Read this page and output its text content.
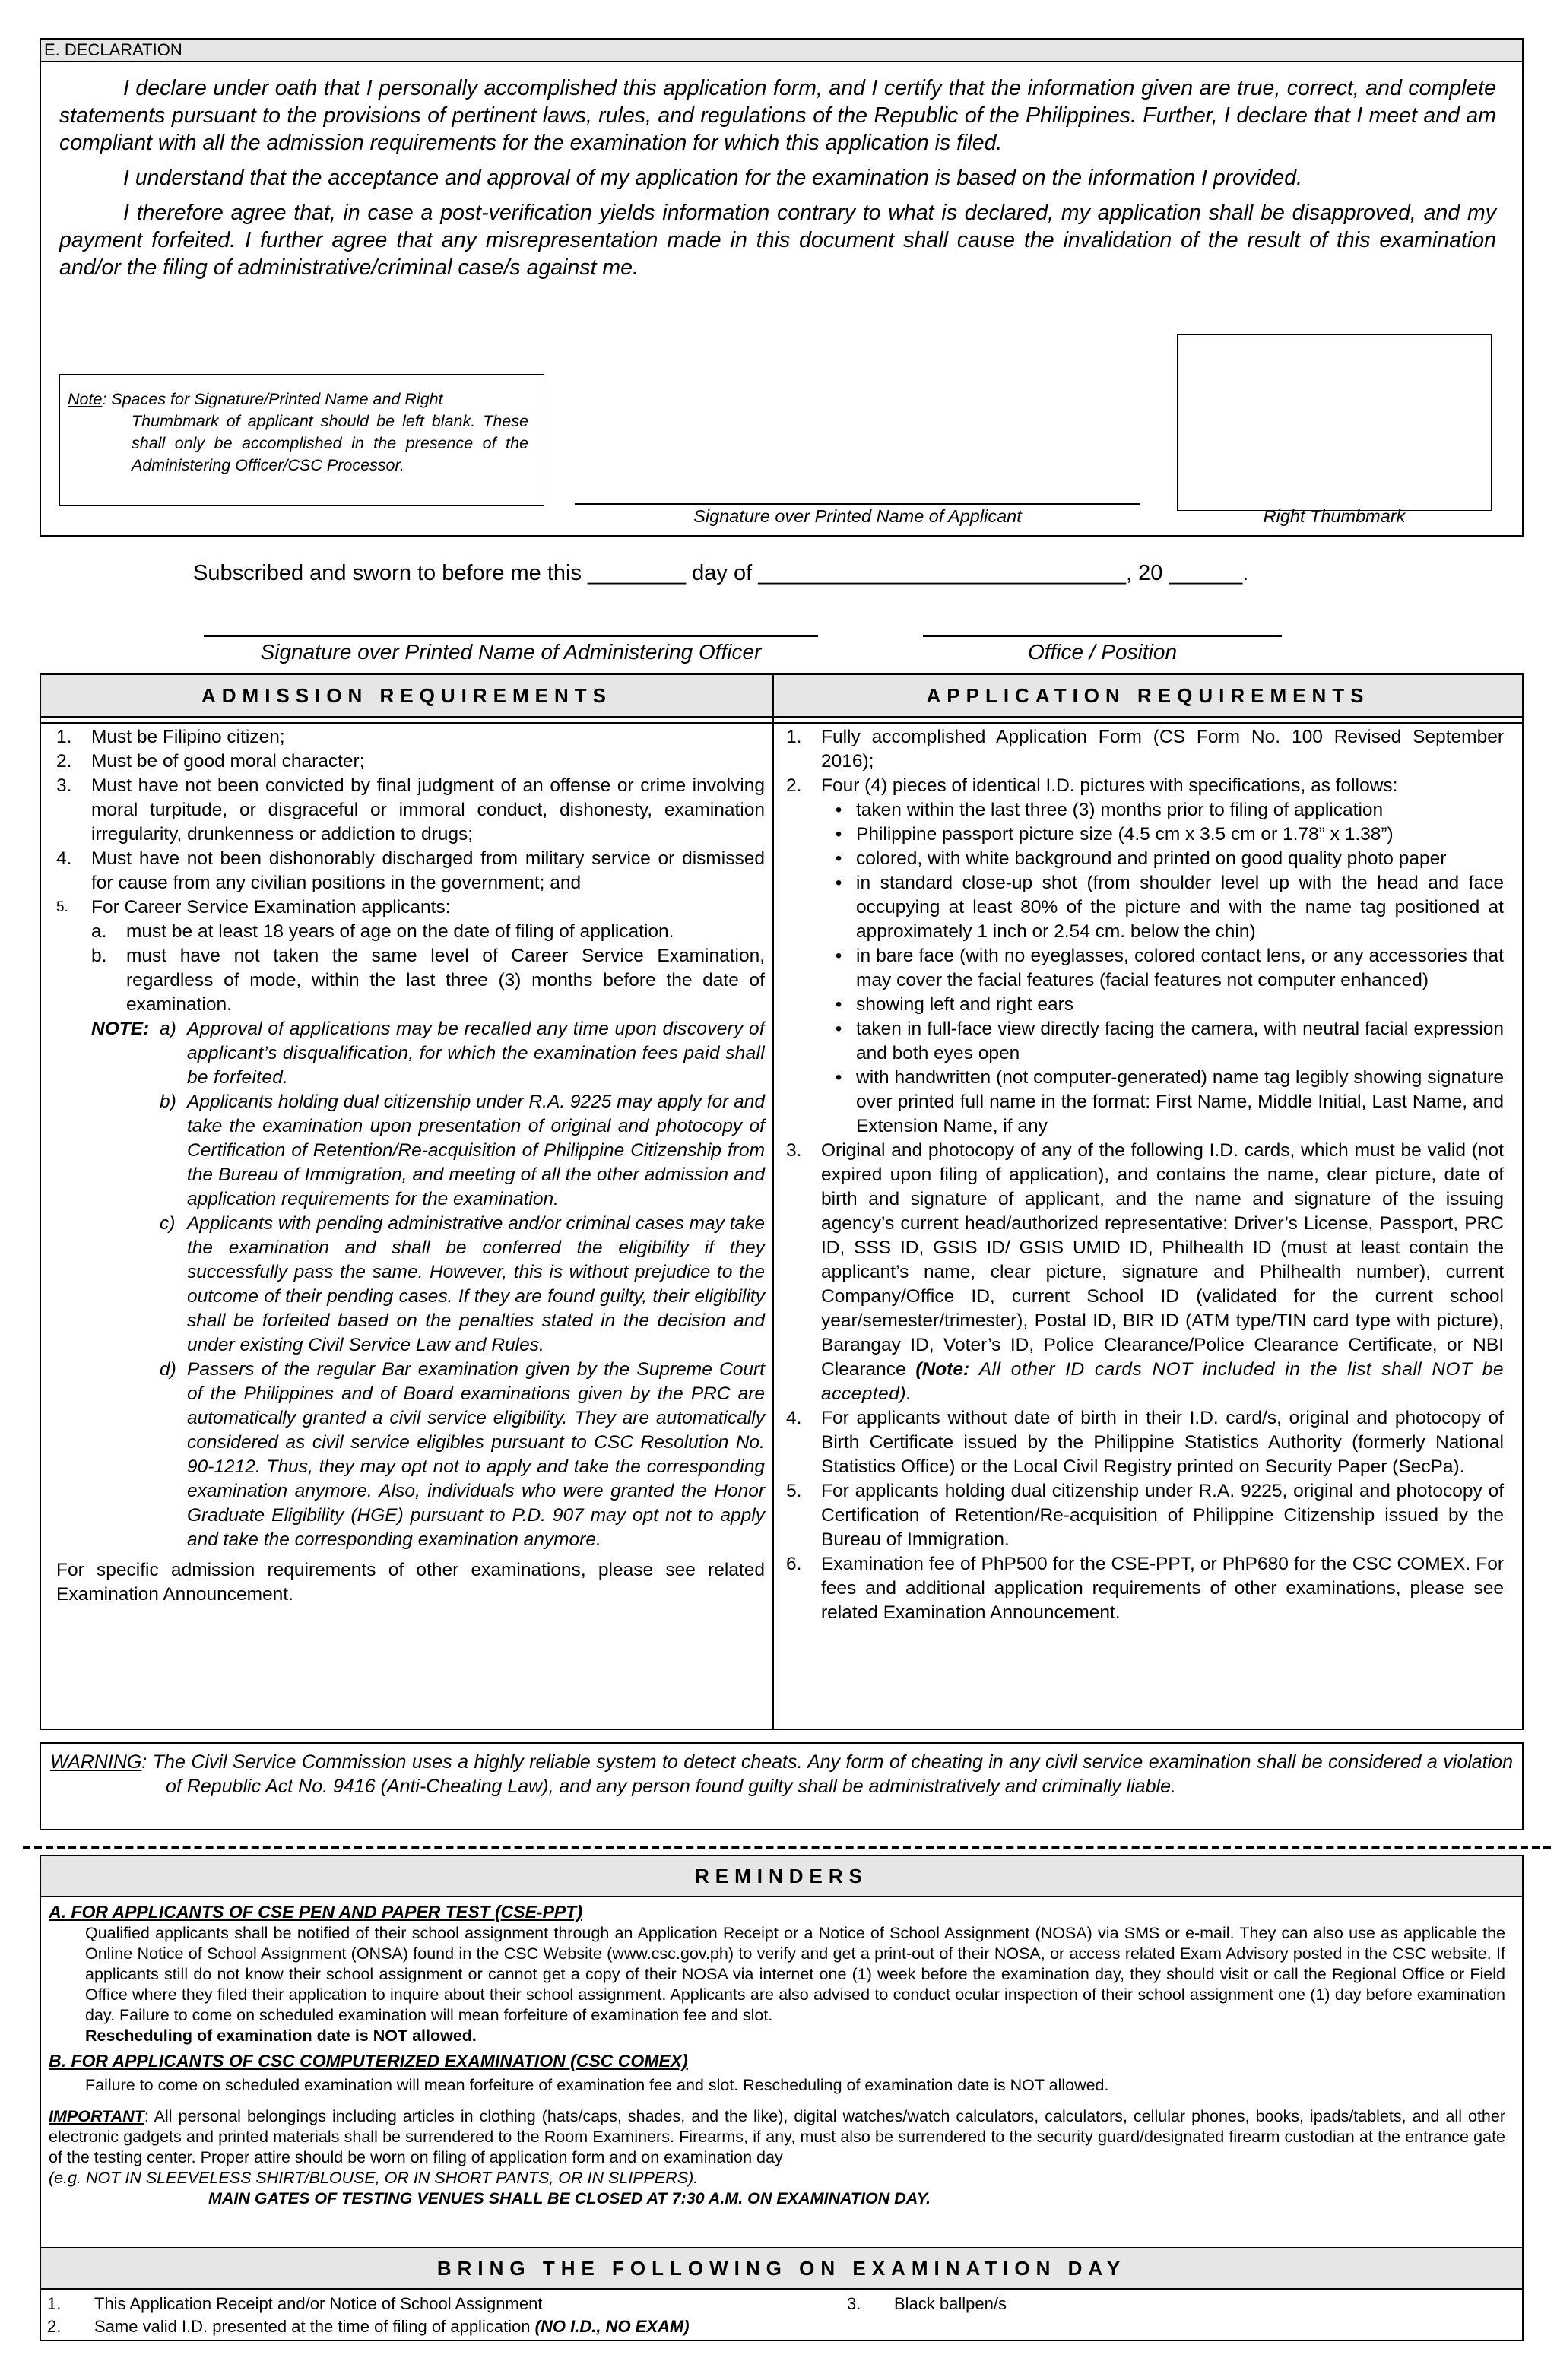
E. DECLARATION

I declare under oath that I personally accomplished this application form, and I certify that the information given are true, correct, and complete statements pursuant to the provisions of pertinent laws, rules, and regulations of the Republic of the Philippines. Further, I declare that I meet and am compliant with all the admission requirements for the examination for which this application is filed.

I understand that the acceptance and approval of my application for the examination is based on the information I provided.

I therefore agree that, in case a post-verification yields information contrary to what is declared, my application shall be disapproved, and my payment forfeited. I further agree that any misrepresentation made in this document shall cause the invalidation of the result of this examination and/or the filing of administrative/criminal case/s against me.

Note: Spaces for Signature/Printed Name and Right
Thumbmark of applicant should be left blank. These shall only be accomplished in the presence of the Administering Officer/CSC Processor.
Signature over Printed Name of Applicant	Right Thumbmark
Subscribed and sworn to before me this ________ day of ______________________________, 20 ______.
Signature over Printed Name of Administering Officer	Office / Position
ADMISSION REQUIREMENTS	APPLICATION REQUIREMENTS
1.	Must be Filipino citizen;
2.	Must be of good moral character;
3.	Must have not been convicted by final judgment of an offense or crime involving moral turpitude, or disgraceful or immoral conduct, dishonesty, examination irregularity, drunkenness or addiction to drugs;
4.	Must have not been dishonorably discharged from military service or dismissed for cause from any civilian positions in the government; and
5.	For Career Service Examination applicants:
a.	must be at least 18 years of age on the date of filing of application.
b.	must have not taken the same level of Career Service Examination, regardless of mode, within the last three (3) months before the date of examination.
NOTE: a) Approval of applications may be recalled any time upon discovery of applicant’s disqualification, for which the examination fees paid shall be forfeited.
b) Applicants holding dual citizenship under R.A. 9225 may apply for and take the examination upon presentation of original and photocopy of Certification of Retention/Re-acquisition of Philippine Citizenship from the Bureau of Immigration, and meeting of all the other admission and application requirements for the examination.
c) Applicants with pending administrative and/or criminal cases may take the examination and shall be conferred the eligibility if they successfully pass the same. However, this is without prejudice to the outcome of their pending cases. If they are found guilty, their eligibility shall be forfeited based on the penalties stated in the decision and under existing Civil Service Law and Rules.
d) Passers of the regular Bar examination given by the Supreme Court of the Philippines and of Board examinations given by the PRC are automatically granted a civil service eligibility. They are automatically considered as civil service eligibles pursuant to CSC Resolution No. 90-1212. Thus, they may opt not to apply and take the corresponding examination anymore. Also, individuals who were granted the Honor Graduate Eligibility (HGE) pursuant to P.D. 907 may opt not to apply and take the corresponding examination anymore.
For specific admission requirements of other examinations, please see related Examination Announcement.
1.	Fully accomplished Application Form (CS Form No. 100 Revised September 2016);
2.	Four (4) pieces of identical I.D. pictures with specifications, as follows:
• taken within the last three (3) months prior to filing of application
• Philippine passport picture size (4.5 cm x 3.5 cm or 1.78” x 1.38”)
• colored, with white background and printed on good quality photo paper
• in standard close-up shot (from shoulder level up with the head and face occupying at least 80% of the picture and with the name tag positioned at approximately 1 inch or 2.54 cm. below the chin)
• in bare face (with no eyeglasses, colored contact lens, or any accessories that may cover the facial features (facial features not computer enhanced)
• showing left and right ears
• taken in full-face view directly facing the camera, with neutral facial expression and both eyes open
• with handwritten (not computer-generated) name tag legibly showing signature over printed full name in the format: First Name, Middle Initial, Last Name, and Extension Name, if any
3.	Original and photocopy of any of the following I.D. cards, which must be valid (not expired upon filing of application), and contains the name, clear picture, date of birth and signature of applicant, and the name and signature of the issuing agency’s current head/authorized representative: Driver’s License, Passport, PRC ID, SSS ID, GSIS ID/ GSIS UMID ID, Philhealth ID (must at least contain the applicant’s name, clear picture, signature and Philhealth number), current Company/Office ID, current School ID (validated for the current school year/semester/trimester), Postal ID, BIR ID (ATM type/TIN card type with picture), Barangay ID, Voter’s ID, Police Clearance/Police Clearance Certificate, or NBI Clearance (Note: All other ID cards NOT included in the list shall NOT be accepted).
4.	For applicants without date of birth in their I.D. card/s, original and photocopy of Birth Certificate issued by the Philippine Statistics Authority (formerly National Statistics Office) or the Local Civil Registry printed on Security Paper (SecPa).
5.	For applicants holding dual citizenship under R.A. 9225, original and photocopy of Certification of Retention/Re-acquisition of Philippine Citizenship issued by the Bureau of Immigration.
6.	Examination fee of PhP500 for the CSE-PPT, or PhP680 for the CSC COMEX. For fees and additional application requirements of other examinations, please see related Examination Announcement.
WARNING: The Civil Service Commission uses a highly reliable system to detect cheats. Any form of cheating in any civil service examination shall be considered a violation of Republic Act No. 9416 (Anti-Cheating Law), and any person found guilty shall be administratively and criminally liable.
REMINDERS
A. FOR APPLICANTS OF CSE PEN AND PAPER TEST (CSE-PPT)
Qualified applicants shall be notified of their school assignment through an Application Receipt or a Notice of School Assignment (NOSA) via SMS or e-mail. They can also use as applicable the Online Notice of School Assignment (ONSA) found in the CSC Website (www.csc.gov.ph) to verify and get a print-out of their NOSA, or access related Exam Advisory posted in the CSC website. If applicants still do not know their school assignment or cannot get a copy of their NOSA via internet one (1) week before the examination day, they should visit or call the Regional Office or Field Office where they filed their application to inquire about their school assignment. Applicants are also advised to conduct ocular inspection of their school assignment one (1) day before examination day. Failure to come on scheduled examination will mean forfeiture of examination fee and slot.
Rescheduling of examination date is NOT allowed.
B. FOR APPLICANTS OF CSC COMPUTERIZED EXAMINATION (CSC COMEX)
Failure to come on scheduled examination will mean forfeiture of examination fee and slot. Rescheduling of examination date is NOT allowed.
IMPORTANT: All personal belongings including articles in clothing (hats/caps, shades, and the like), digital watches/watch calculators, calculators, cellular phones, books, ipads/tablets, and all other electronic gadgets and printed materials shall be surrendered to the Room Examiners. Firearms, if any, must also be surrendered to the security guard/designated firearm custodian at the entrance gate of the testing center. Proper attire should be worn on filing of application form and on examination day
(e.g. NOT IN SLEEVELESS SHIRT/BLOUSE, OR IN SHORT PANTS, OR IN SLIPPERS).
MAIN GATES OF TESTING VENUES SHALL BE CLOSED AT 7:30 A.M. ON EXAMINATION DAY.
BRING THE FOLLOWING ON EXAMINATION DAY
1. This Application Receipt and/or Notice of School Assignment
2. Same valid I.D. presented at the time of filing of application (NO I.D., NO EXAM)
3. Black ballpen/s
